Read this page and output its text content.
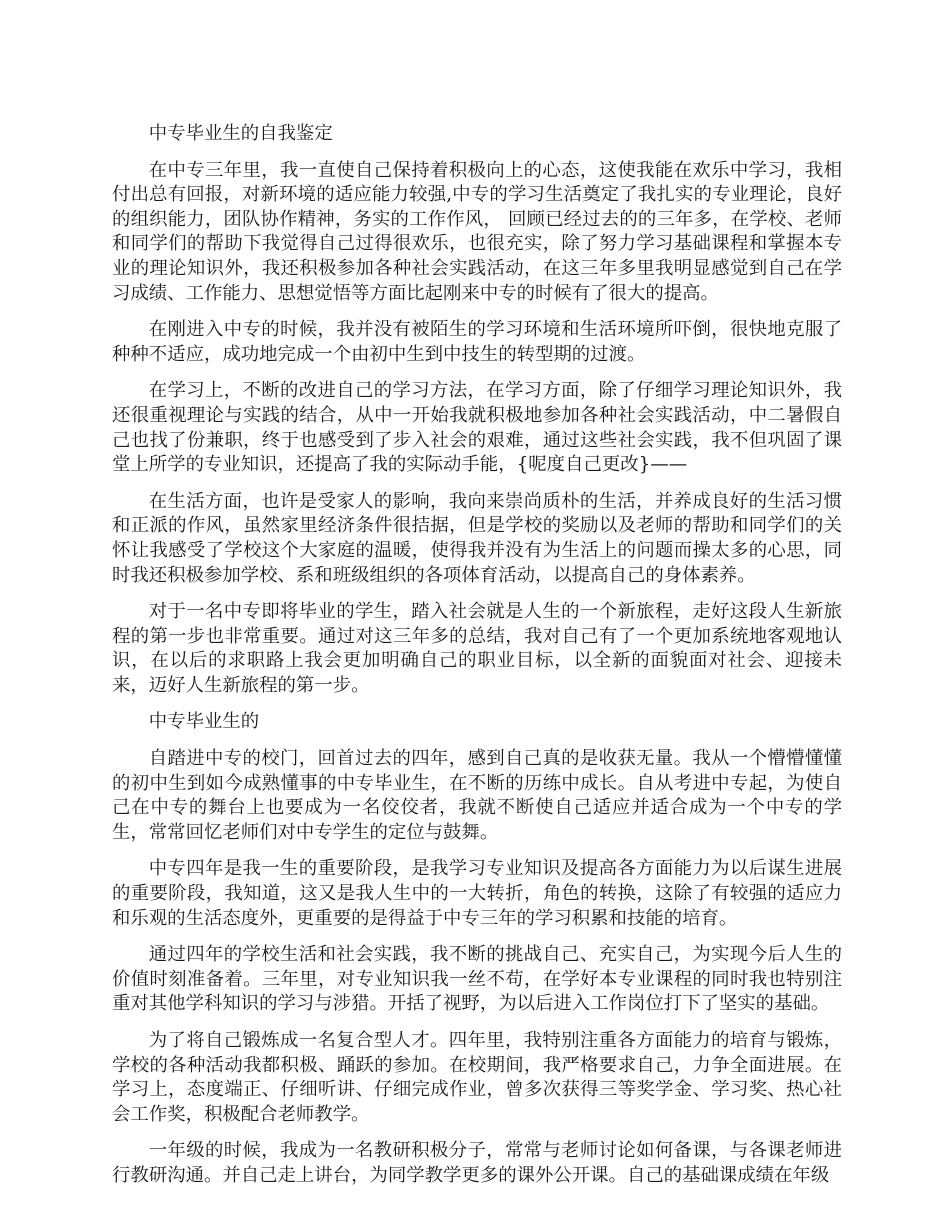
中专毕业生的自我鉴定

在中专三年里，我一直使自己保持着积极向上的心态，这使我能在欢乐中学习，我相付出总有回报，对新环境的适应能力较强,中专的学习生活奠定了我扎实的专业理论，良好的组织能力，团队协作精神，务实的工作作风， 回顾已经过去的的三年多，在学校、老师和同学们的帮助下我觉得自己过得很欢乐，也很充实，除了努力学习基础课程和掌握本专业的理论知识外，我还积极参加各种社会实践活动，在这三年多里我明显感觉到自己在学习成绩、工作能力、思想觉悟等方面比起刚来中专的时候有了很大的提高。

在刚进入中专的时候，我并没有被陌生的学习环境和生活环境所吓倒，很快地克服了种种不适应，成功地完成一个由初中生到中技生的转型期的过渡。

在学习上，不断的改进自己的学习方法，在学习方面，除了仔细学习理论知识外，我还很重视理论与实践的结合，从中一开始我就积极地参加各种社会实践活动，中二暑假自己也找了份兼职，终于也感受到了步入社会的艰难，通过这些社会实践，我不但巩固了课堂上所学的专业知识，还提高了我的实际动手能，{呢度自己更改}——

在生活方面，也许是受家人的影响，我向来崇尚质朴的生活，并养成良好的生活习惯和正派的作风，虽然家里经济条件很拮据，但是学校的奖励以及老师的帮助和同学们的关怀让我感受了学校这个大家庭的温暖，使得我并没有为生活上的问题而操太多的心思，同时我还积极参加学校、系和班级组织的各项体育活动，以提高自己的身体素养。

对于一名中专即将毕业的学生，踏入社会就是人生的一个新旅程，走好这段人生新旅程的第一步也非常重要。通过对这三年多的总结，我对自己有了一个更加系统地客观地认识，在以后的求职路上我会更加明确自己的职业目标，以全新的面貌面对社会、迎接未来，迈好人生新旅程的第一步。

中专毕业生的

自踏进中专的校门，回首过去的四年，感到自己真的是收获无量。我从一个懵懵懂懂的初中生到如今成熟懂事的中专毕业生，在不断的历练中成长。自从考进中专起，为使自己在中专的舞台上也要成为一名佼佼者，我就不断使自己适应并适合成为一个中专的学生，常常回忆老师们对中专学生的定位与鼓舞。

中专四年是我一生的重要阶段，是我学习专业知识及提高各方面能力为以后谋生进展的重要阶段，我知道，这又是我人生中的一大转折，角色的转换，这除了有较强的适应力和乐观的生活态度外，更重要的是得益于中专三年的学习积累和技能的培育。

通过四年的学校生活和社会实践，我不断的挑战自己、充实自己，为实现今后人生的价值时刻准备着。三年里，对专业知识我一丝不苟，在学好本专业课程的同时我也特别注重对其他学科知识的学习与涉猎。开括了视野，为以后进入工作岗位打下了坚实的基础。

为了将自己锻炼成一名复合型人才。四年里，我特别注重各方面能力的培育与锻炼，学校的各种活动我都积极、踊跃的参加。在校期间，我严格要求自己，力争全面进展。在学习上，态度端正、仔细听讲、仔细完成作业，曾多次获得三等奖学金、学习奖、热心社会工作奖，积极配合老师教学。

一年级的时候，我成为一名教研积极分子，常常与老师讨论如何备课，与各课老师进行教研沟通。并自己走上讲台，为同学教学更多的课外公开课。自己的基础课成绩在年级
